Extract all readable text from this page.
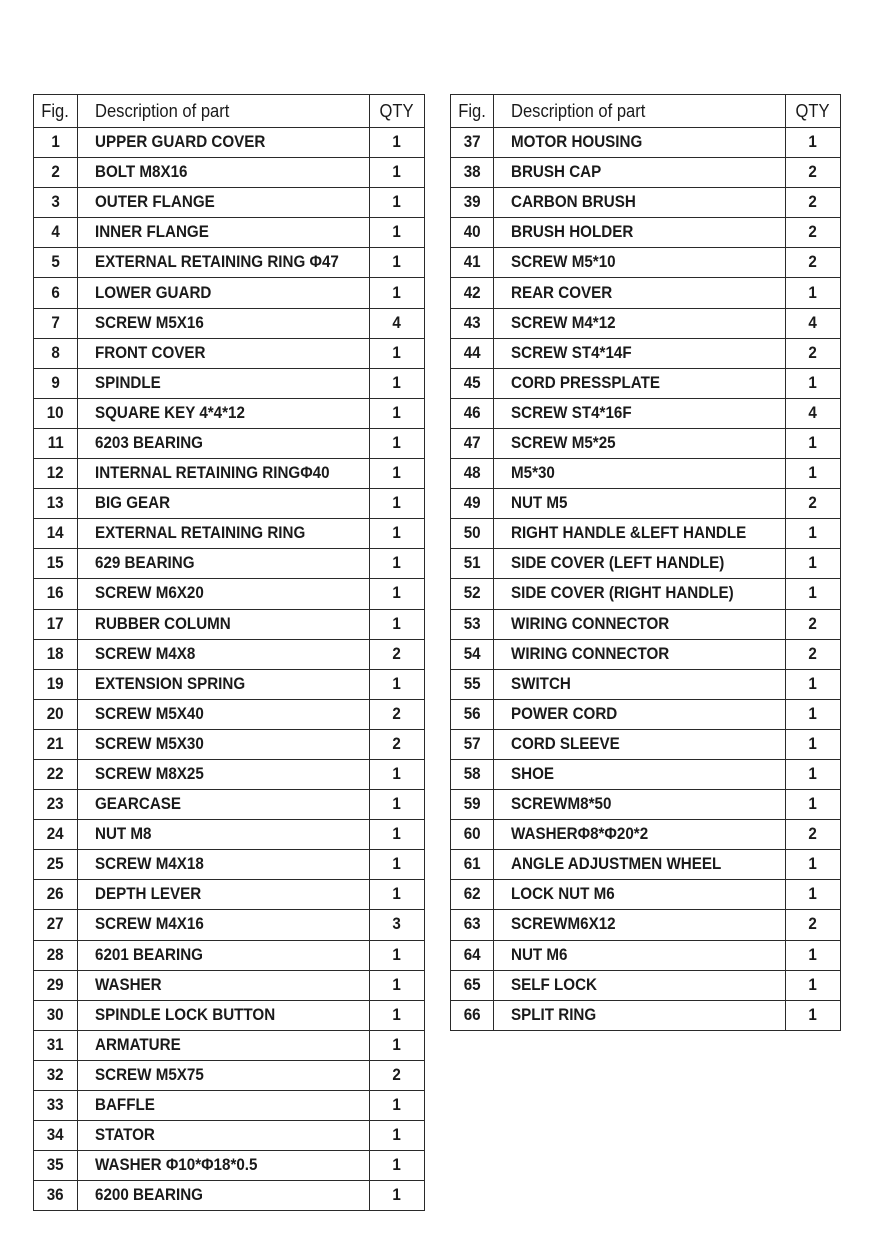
Fig.	Description of part	QTY
1	UPPER GUARD COVER	1
2	BOLT M8X16	1
3	OUTER FLANGE	1
4	INNER FLANGE	1
5	EXTERNAL RETAINING RING Φ47	1
6	LOWER GUARD	1
7	SCREW M5X16	4
8	FRONT COVER	1
9	SPINDLE	1
10	SQUARE KEY 4*4*12	1
11	6203 BEARING	1
12	INTERNAL RETAINING RINGΦ40	1
13	BIG GEAR	1
14	EXTERNAL RETAINING RING	1
15	629 BEARING	1
16	SCREW M6X20	1
17	RUBBER COLUMN	1
18	SCREW M4X8	2
19	EXTENSION SPRING	1
20	SCREW M5X40	2
21	SCREW M5X30	2
22	SCREW M8X25	1
23	GEARCASE	1
24	NUT M8	1
25	SCREW M4X18	1
26	DEPTH LEVER	1
27	SCREW M4X16	3
28	6201 BEARING	1
29	WASHER	1
30	SPINDLE LOCK BUTTON	1
31	ARMATURE	1
32	SCREW M5X75	2
33	BAFFLE	1
34	STATOR	1
35	WASHER Φ10*Φ18*0.5	1
36	6200 BEARING	1
Fig.	Description of part	QTY
37	MOTOR HOUSING	1
38	BRUSH CAP	2
39	CARBON BRUSH	2
40	BRUSH HOLDER	2
41	SCREW M5*10	2
42	REAR COVER	1
43	SCREW M4*12	4
44	SCREW ST4*14F	2
45	CORD PRESSPLATE	1
46	SCREW ST4*16F	4
47	SCREW M5*25	1
48	M5*30	1
49	NUT M5	2
50	RIGHT HANDLE &LEFT HANDLE	1
51	SIDE COVER (LEFT HANDLE)	1
52	SIDE COVER (RIGHT HANDLE)	1
53	WIRING CONNECTOR	2
54	WIRING CONNECTOR	2
55	SWITCH	1
56	POWER CORD	1
57	CORD SLEEVE	1
58	SHOE	1
59	SCREWM8*50	1
60	WASHERΦ8*Φ20*2	2
61	ANGLE ADJUSTMEN WHEEL	1
62	LOCK NUT M6	1
63	SCREWM6X12	2
64	NUT M6	1
65	SELF LOCK	1
66	SPLIT RING	1
